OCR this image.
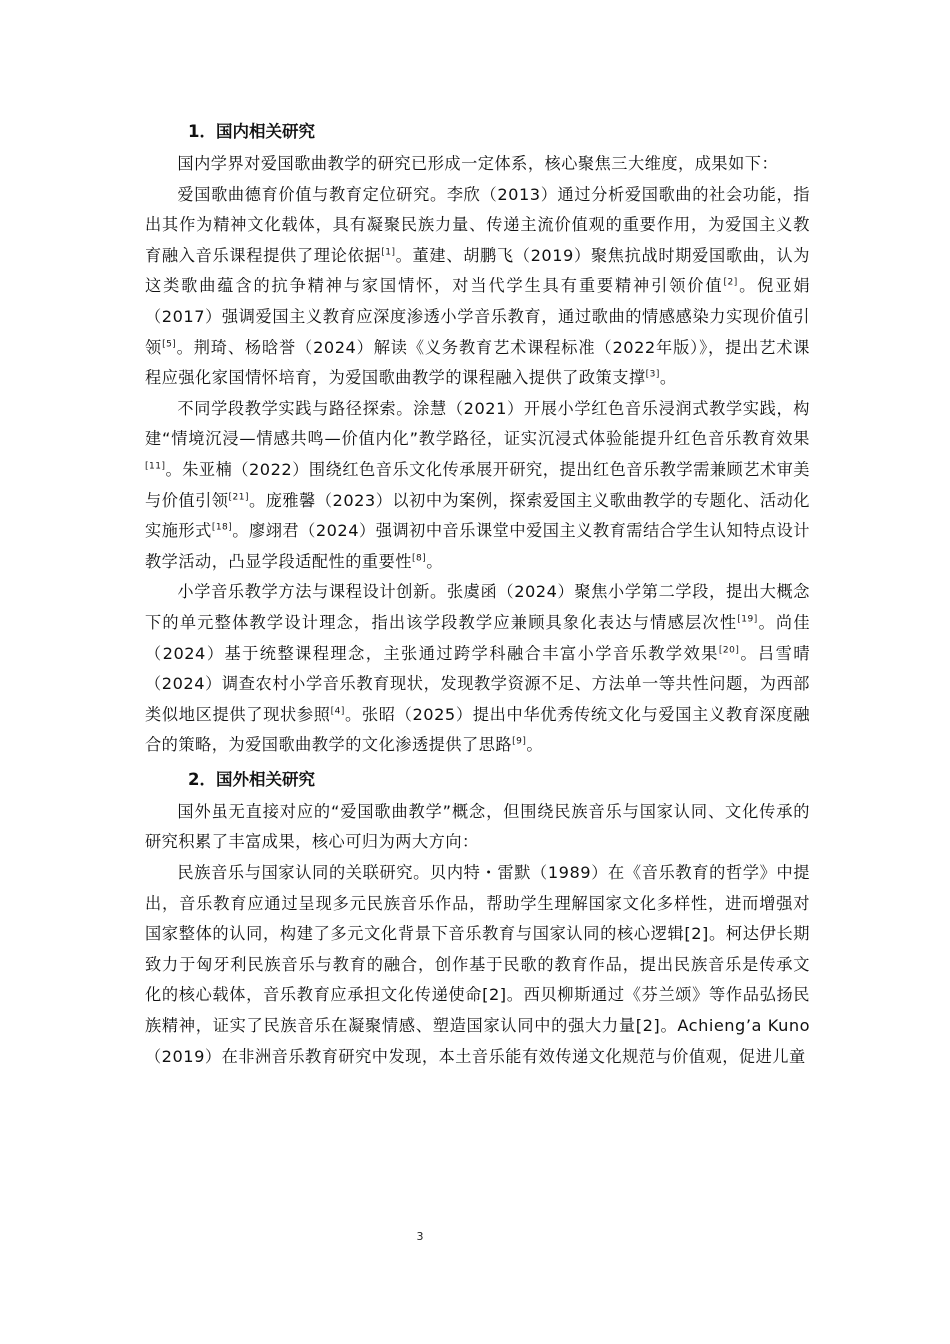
1．国内相关研究

国内学界对爱国歌曲教学的研究已形成一定体系，核心聚焦三大维度，成果如下：

爱国歌曲德育价值与教育定位研究。李欣（2013）通过分析爱国歌曲的社会功能，指出其作为精神文化载体，具有凝聚民族力量、传递主流价值观的重要作用，为爱国主义教育融入音乐课程提供了理论依据[1]。董建、胡鹏飞（2019）聚焦抗战时期爱国歌曲，认为这类歌曲蕴含的抗争精神与家国情怀，对当代学生具有重要精神引领价值[2]。倪亚娟（2017）强调爱国主义教育应深度渗透小学音乐教育，通过歌曲的情感感染力实现价值引领[5]。荆琦、杨晗誉（2024）解读《义务教育艺术课程标准（2022年版）》，提出艺术课程应强化家国情怀培育，为爱国歌曲教学的课程融入提供了政策支撑[3]。

不同学段教学实践与路径探索。涂慧（2021）开展小学红色音乐浸润式教学实践，构建“情境沉浸—情感共鸣—价值内化”教学路径，证实沉浸式体验能提升红色音乐教育效果[11]。朱亚楠（2022）围绕红色音乐文化传承展开研究，提出红色音乐教学需兼顾艺术审美与价值引领[21]。庞雅馨（2023）以初中为案例，探索爱国主义歌曲教学的专题化、活动化实施形式[18]。廖翊君（2024）强调初中音乐课堂中爱国主义教育需结合学生认知特点设计教学活动，凸显学段适配性的重要性[8]。

小学音乐教学方法与课程设计创新。张虞函（2024）聚焦小学第二学段，提出大概念下的单元整体教学设计理念，指出该学段教学应兼顾具象化表达与情感层次性[19]。尚佳（2024）基于统整课程理念，主张通过跨学科融合丰富小学音乐教学效果[20]。吕雪晴（2024）调查农村小学音乐教育现状，发现教学资源不足、方法单一等共性问题，为西部类似地区提供了现状参照[4]。张昭（2025）提出中华优秀传统文化与爱国主义教育深度融合的策略，为爱国歌曲教学的文化渗透提供了思路[9]。

2．国外相关研究

国外虽无直接对应的“爱国歌曲教学”概念，但围绕民族音乐与国家认同、文化传承的研究积累了丰富成果，核心可归为两大方向：

民族音乐与国家认同的关联研究。贝内特・雷默（1989）在《音乐教育的哲学》中提出，音乐教育应通过呈现多元民族音乐作品，帮助学生理解国家文化多样性，进而增强对国家整体的认同，构建了多元文化背景下音乐教育与国家认同的核心逻辑[2]。柯达伊长期致力于匈牙利民族音乐与教育的融合，创作基于民歌的教育作品，提出民族音乐是传承文化的核心载体，音乐教育应承担文化传递使命[2]。西贝柳斯通过《芬兰颂》等作品弘扬民族精神，证实了民族音乐在凝聚情感、塑造国家认同中的强大力量[2]。Achieng’a Kuno（2019）在非洲音乐教育研究中发现，本土音乐能有效传递文化规范与价值观，促进儿童

3
